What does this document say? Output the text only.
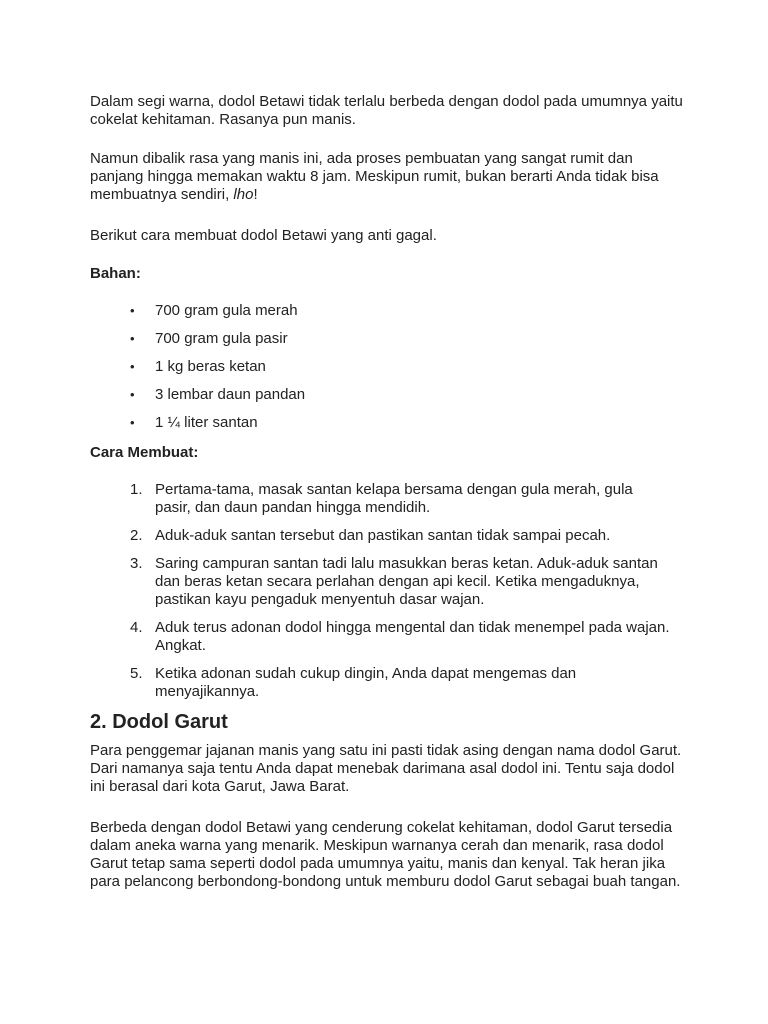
Dalam segi warna, dodol Betawi tidak terlalu berbeda dengan dodol pada umumnya yaitu cokelat kehitaman. Rasanya pun manis.

Namun dibalik rasa yang manis ini, ada proses pembuatan yang sangat rumit dan panjang hingga memakan waktu 8 jam. Meskipun rumit, bukan berarti Anda tidak bisa membuatnya sendiri, lho!

Berikut cara membuat dodol Betawi yang anti gagal.

Bahan:
•	700 gram gula merah
•	700 gram gula pasir
•	1 kg beras ketan
•	3 lembar daun pandan
•	1 ¼ liter santan
Cara Membuat:
1. Pertama-tama, masak santan kelapa bersama dengan gula merah, gula pasir, dan daun pandan hingga mendidih.
2. Aduk-aduk santan tersebut dan pastikan santan tidak sampai pecah.
3. Saring campuran santan tadi lalu masukkan beras ketan. Aduk-aduk santan dan beras ketan secara perlahan dengan api kecil. Ketika mengaduknya, pastikan kayu pengaduk menyentuh dasar wajan.
4. Aduk terus adonan dodol hingga mengental dan tidak menempel pada wajan. Angkat.
5. Ketika adonan sudah cukup dingin, Anda dapat mengemas dan menyajikannya.
2. Dodol Garut

Para penggemar jajanan manis yang satu ini pasti tidak asing dengan nama dodol Garut. Dari namanya saja tentu Anda dapat menebak darimana asal dodol ini. Tentu saja dodol ini berasal dari kota Garut, Jawa Barat.

Berbeda dengan dodol Betawi yang cenderung cokelat kehitaman, dodol Garut tersedia dalam aneka warna yang menarik. Meskipun warnanya cerah dan menarik, rasa dodol Garut tetap sama seperti dodol pada umumnya yaitu, manis dan kenyal. Tak heran jika para pelancong berbondong-bondong untuk memburu dodol Garut sebagai buah tangan.
